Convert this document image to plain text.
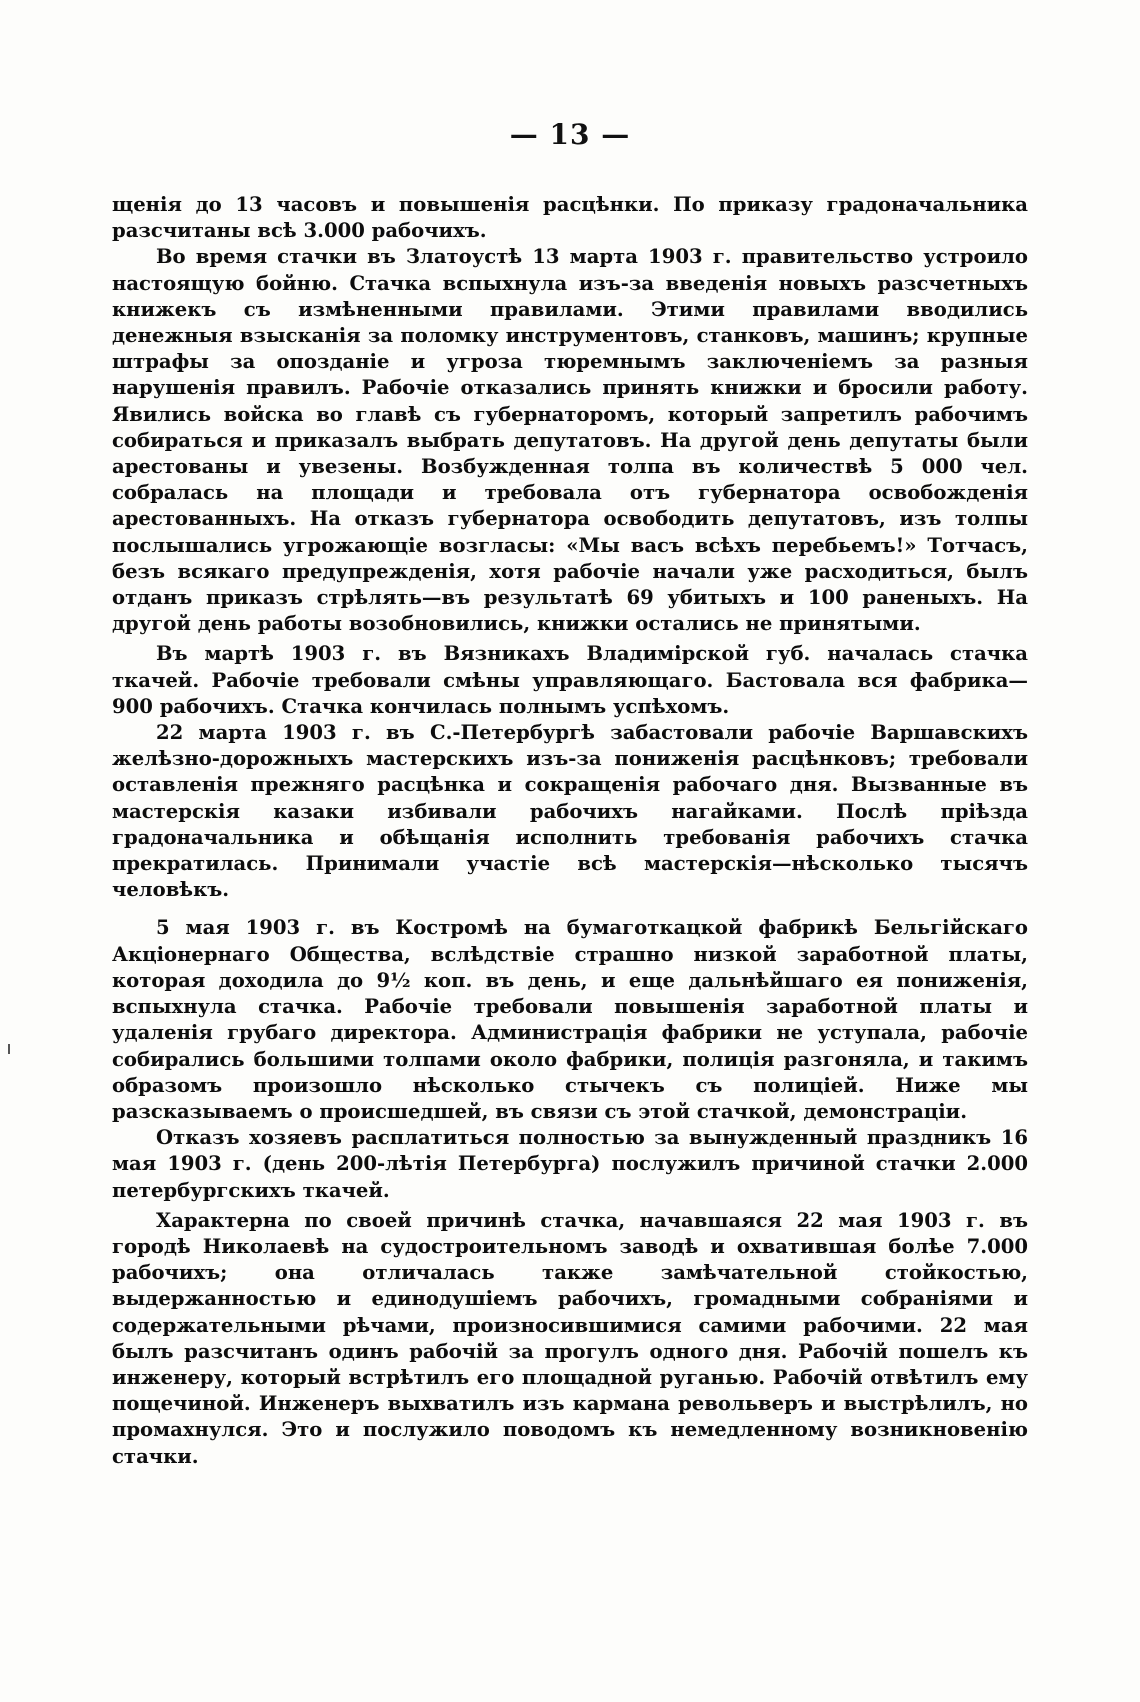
— 13 —

щенія до 13 часовъ и повышенія расцѣнки. По приказу градоначальника разсчитаны всѣ 3.000 рабочихъ.

Во время стачки въ Златоустѣ 13 марта 1903 г. правительство устроило настоящую бойню. Стачка вспыхнула изъ-за введенія новыхъ разсчетныхъ книжекъ съ измѣненными правилами. Этими правилами вводились денежныя взысканія за поломку инструментовъ, станковъ, машинъ; крупные штрафы за опозданіе и угроза тюремнымъ заключеніемъ за разныя нарушенія правилъ. Рабочіе отказались принять книжки и бросили работу. Явились войска во главѣ съ губернаторомъ, который запретилъ рабочимъ собираться и приказалъ выбрать депутатовъ. На другой день депутаты были арестованы и увезены. Возбужденная толпа въ количествѣ 5 000 чел. собралась на площади и требовала отъ губернатора освобожденія арестованныхъ. На отказъ губернатора освободить депутатовъ, изъ толпы послышались угрожающіе возгласы: «Мы васъ всѣхъ перебьемъ!» Тотчасъ, безъ всякаго предупрежденія, хотя рабочіе начали уже расходиться, былъ отданъ приказъ стрѣлять—въ результатѣ 69 убитыхъ и 100 раненыхъ. На другой день работы возобновились, книжки остались не принятыми.

Въ мартѣ 1903 г. въ Вязникахъ Владимірской губ. началась стачка ткачей. Рабочіе требовали смѣны управляющаго. Бастовала вся фабрика—900 рабочихъ. Стачка кончилась полнымъ успѣхомъ.

22 марта 1903 г. въ С.-Петербургѣ забастовали рабочіе Варшавскихъ желѣзно-дорожныхъ мастерскихъ изъ-за пониженія расцѣнковъ; требовали оставленія прежняго расцѣнка и сокращенія рабочаго дня. Вызванные въ мастерскія казаки избивали рабочихъ нагайками. Послѣ пріѣзда градоначальника и обѣщанія исполнить требованія рабочихъ стачка прекратилась. Принимали участіе всѣ мастерскія—нѣсколько тысячъ человѣкъ.

5 мая 1903 г. въ Костромѣ на бумаготкацкой фабрикѣ Бельгійскаго Акціонернаго Общества, вслѣдствіе страшно низкой заработной платы, которая доходила до 9½ коп. въ день, и еще дальнѣйшаго ея пониженія, вспыхнула стачка. Рабочіе требовали повышенія заработной платы и удаленія грубаго директора. Администрація фабрики не уступала, рабочіе собирались большими толпами около фабрики, полиція разгоняла, и такимъ образомъ произошло нѣсколько стычекъ съ полиціей. Ниже мы разсказываемъ о происшедшей, въ связи съ этой стачкой, демонстраціи.

Отказъ хозяевъ расплатиться полностью за вынужденный праздникъ 16 мая 1903 г. (день 200-лѣтія Петербурга) послужилъ причиной стачки 2.000 петербургскихъ ткачей.

Характерна по своей причинѣ стачка, начавшаяся 22 мая 1903 г. въ городѣ Николаевѣ на судостроительномъ заводѣ и охватившая болѣе 7.000 рабочихъ; она отличалась также замѣчательной стойкостью, выдержанностью и единодушіемъ рабочихъ, громадными собраніями и содержательными рѣчами, произносившимися самими рабочими. 22 мая былъ разсчитанъ одинъ рабочій за прогулъ одного дня. Рабочій пошелъ къ инженеру, который встрѣтилъ его площадной руганью. Рабочій отвѣтилъ ему пощечиной. Инженеръ выхватилъ изъ кармана револьверъ и выстрѣлилъ, но промахнулся. Это и послужило поводомъ къ немедленному возникновенію стачки.
